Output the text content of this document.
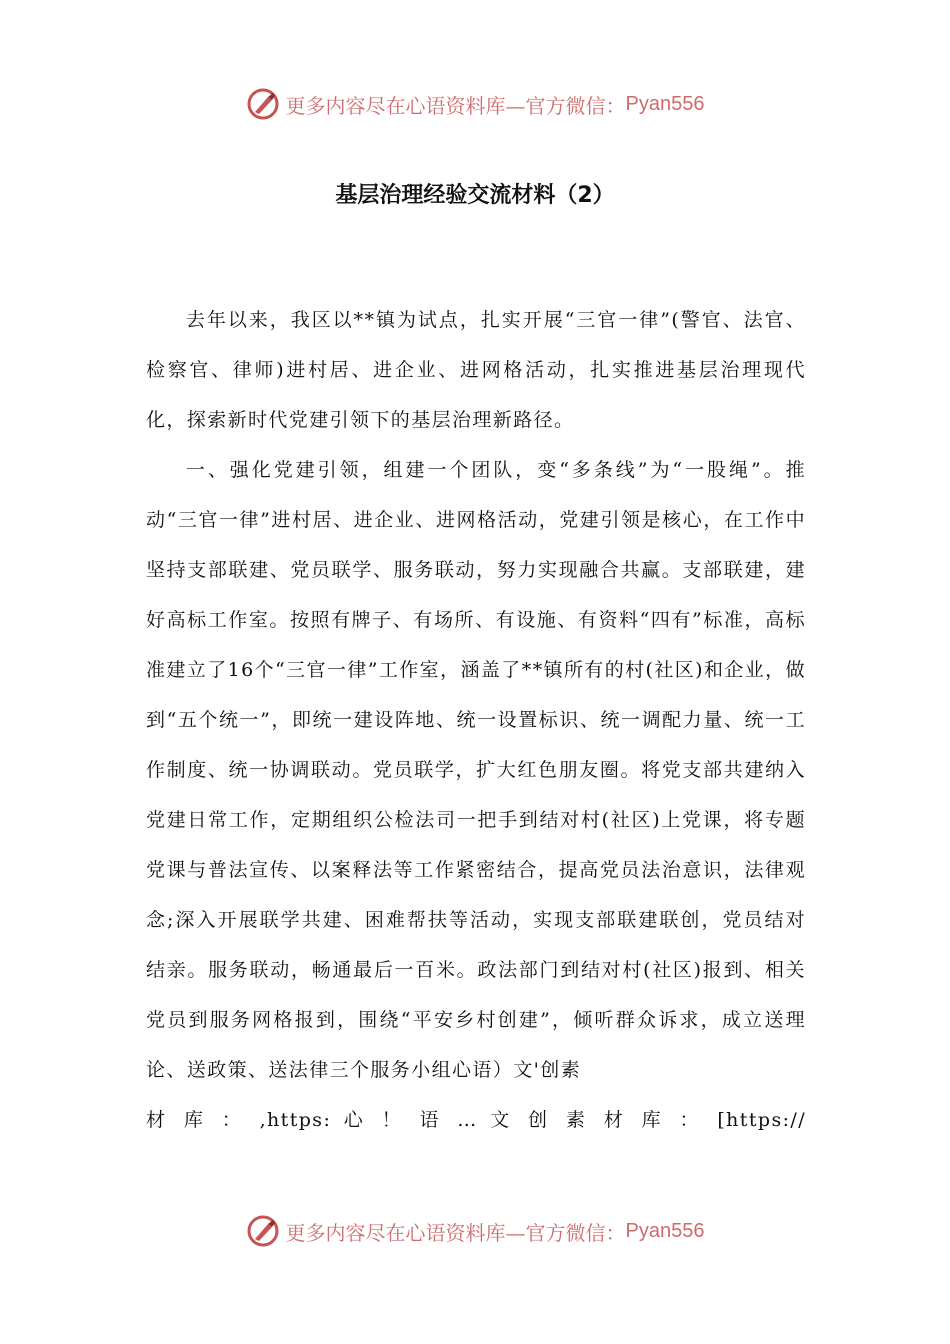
更多内容尽在心语资料库—官方微信： Pyan556
基层治理经验交流材料（2）

去年以来，我区以**镇为试点，扎实开展“三官一律”(警官、法官、检察官、律师)进村居、进企业、进网格活动，扎实推进基层治理现代化，探索新时代党建引领下的基层治理新路径。

一、强化党建引领，组建一个团队，变“多条线”为“一股绳”。推动“三官一律”进村居、进企业、进网格活动，党建引领是核心，在工作中坚持支部联建、党员联学、服务联动，努力实现融合共赢。支部联建，建好高标工作室。按照有牌子、有场所、有设施、有资料“四有”标准，高标准建立了16个“三官一律”工作室，涵盖了**镇所有的村(社区)和企业，做到“五个统一”，即统一建设阵地、统一设置标识、统一调配力量、统一工作制度、统一协调联动。党员联学，扩大红色朋友圈。将党支部共建纳入党建日常工作，定期组织公检法司一把手到结对村(社区)上党课，将专题党课与普法宣传、以案释法等工作紧密结合，提高党员法治意识，法律观念;深入开展联学共建、困难帮扶等活动，实现支部联建联创，党员结对结亲。服务联动，畅通最后一百米。政法部门到结对村(社区)报到、相关党员到服务网格报到，围绕“平安乡村创建”，倾听群众诉求，成立送理论、送政策、送法律三个服务小组心语）文'创素

材 库 ： ,https: 心 ！ 语 … 文 创 素 材 库 ： [https://

更多内容尽在心语资料库—官方微信： Pyan556
